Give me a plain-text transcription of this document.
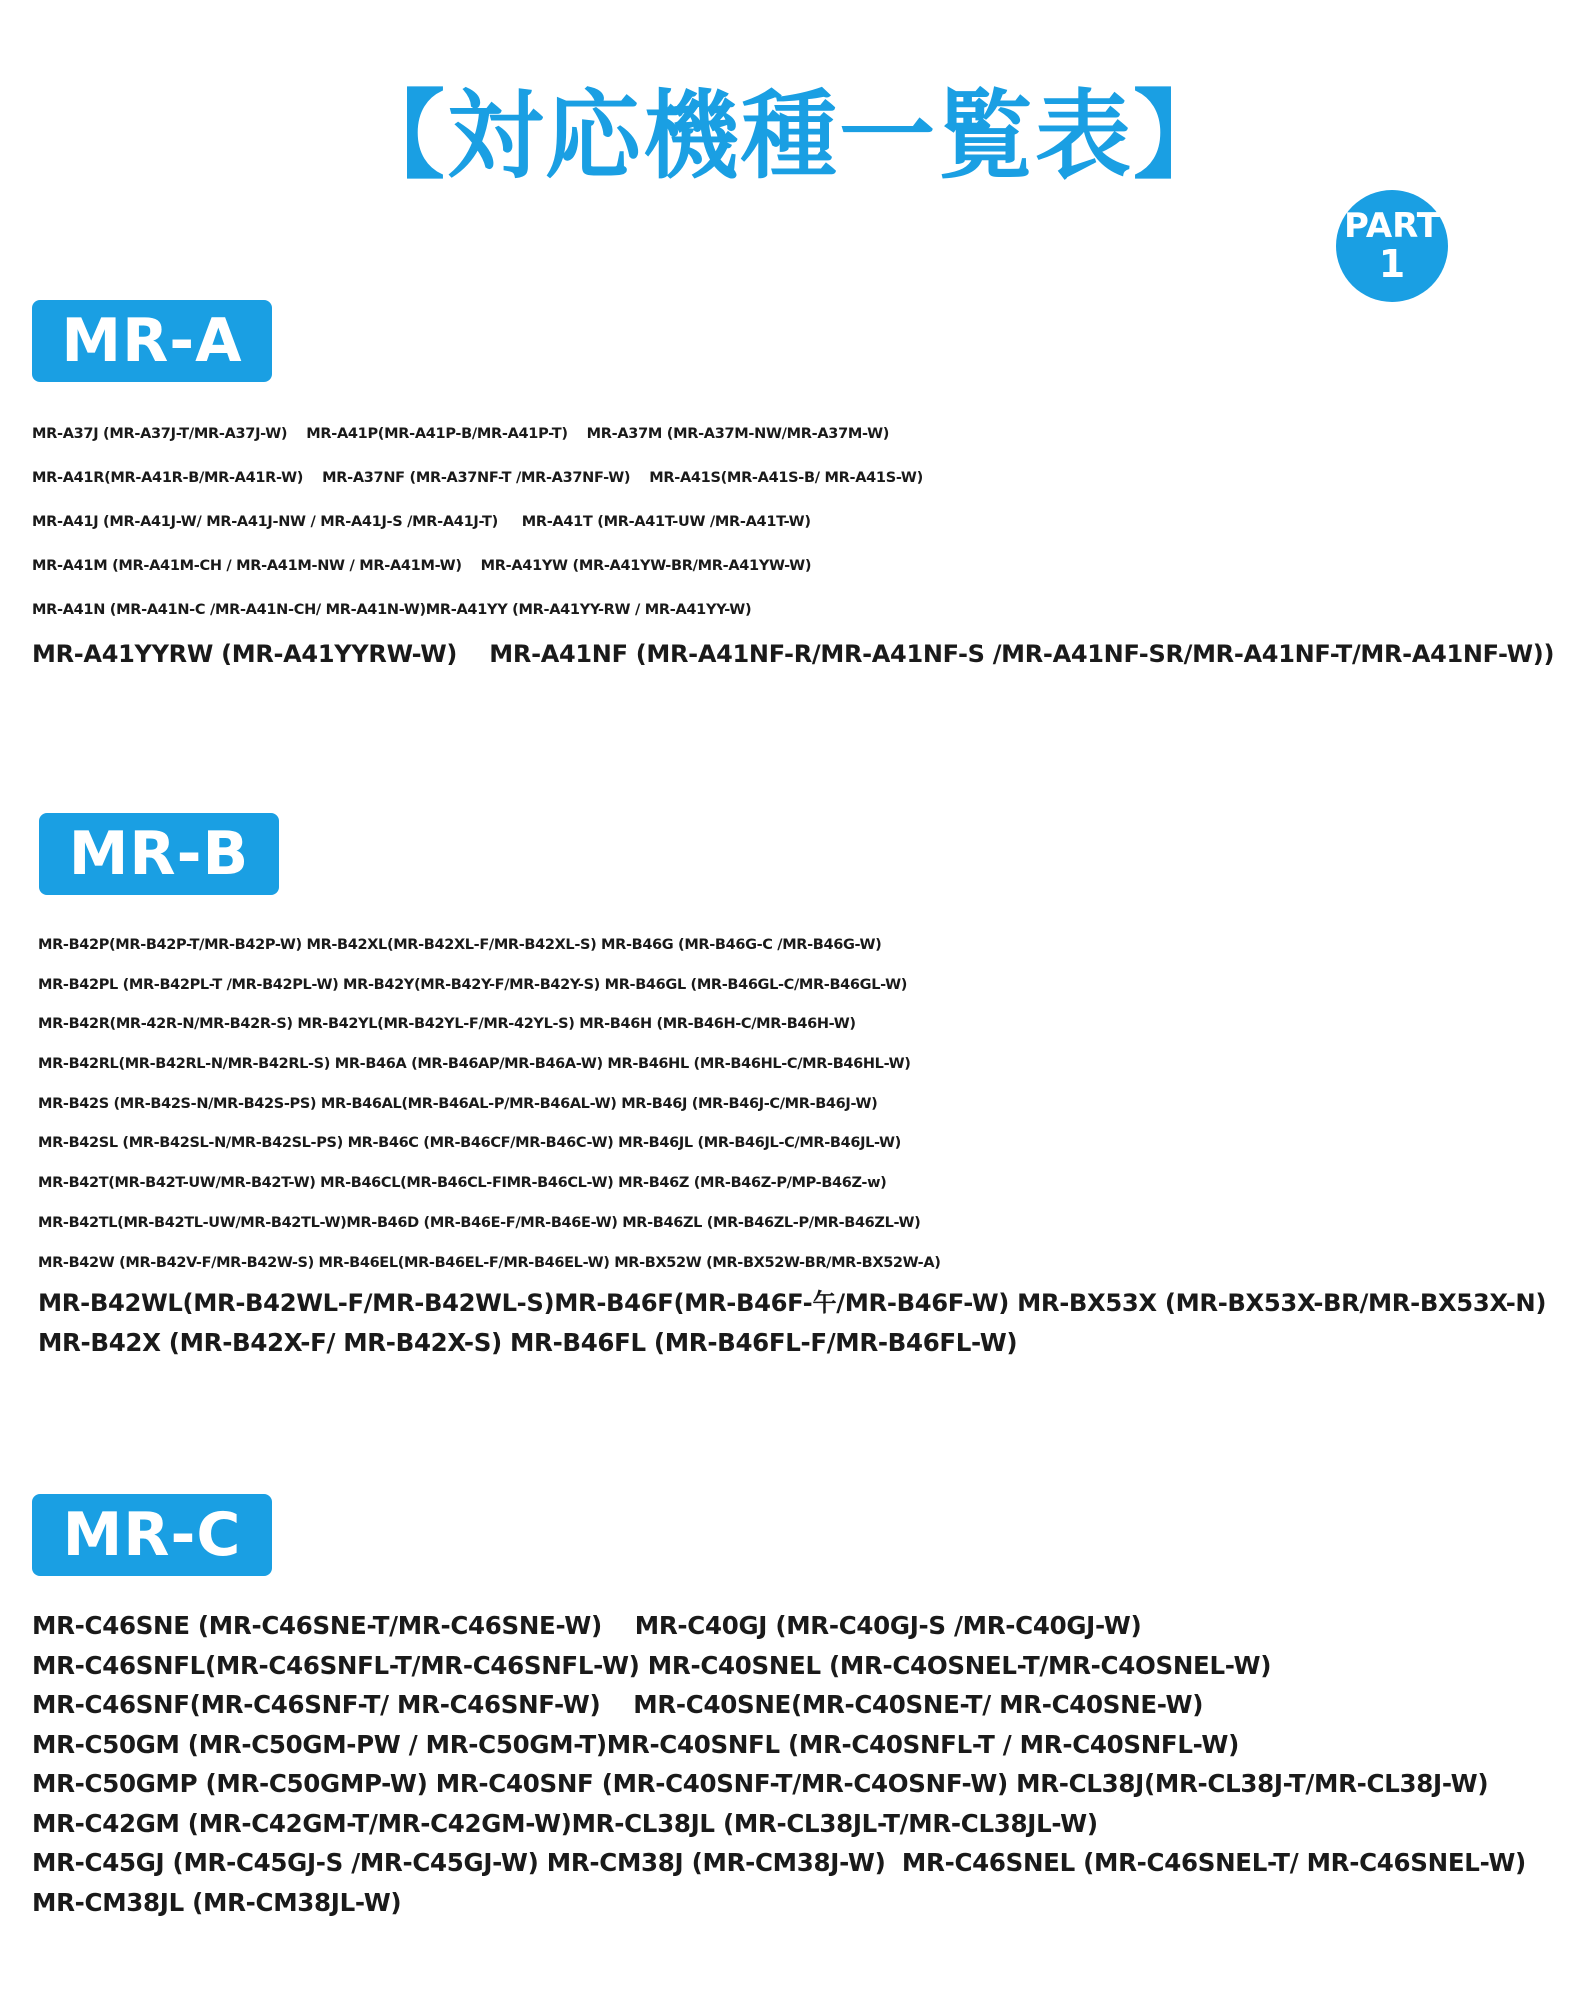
【対応機種一覧表】
PART
1
MR-A
MR-A37J (MR-A37J-T/MR-A37J-W)    MR-A41P(MR-A41P-B/MR-A41P-T)    MR-A37M (MR-A37M-NW/MR-A37M-W)
MR-A41R(MR-A41R-B/MR-A41R-W)    MR-A37NF (MR-A37NF-T /MR-A37NF-W)    MR-A41S(MR-A41S-B/ MR-A41S-W)
MR-A41J (MR-A41J-W/ MR-A41J-NW / MR-A41J-S /MR-A41J-T)     MR-A41T (MR-A41T-UW /MR-A41T-W)
MR-A41M (MR-A41M-CH / MR-A41M-NW / MR-A41M-W)    MR-A41YW (MR-A41YW-BR/MR-A41YW-W)
MR-A41N (MR-A41N-C /MR-A41N-CH/ MR-A41N-W)MR-A41YY (MR-A41YY-RW / MR-A41YY-W)
MR-A41YYRW (MR-A41YYRW-W)    MR-A41NF (MR-A41NF-R/MR-A41NF-S /MR-A41NF-SR/MR-A41NF-T/MR-A41NF-W))
MR-B
MR-B42P(MR-B42P-T/MR-B42P-W) MR-B42XL(MR-B42XL-F/MR-B42XL-S) MR-B46G (MR-B46G-C /MR-B46G-W)
MR-B42PL (MR-B42PL-T /MR-B42PL-W) MR-B42Y(MR-B42Y-F/MR-B42Y-S) MR-B46GL (MR-B46GL-C/MR-B46GL-W)
MR-B42R(MR-42R-N/MR-B42R-S) MR-B42YL(MR-B42YL-F/MR-42YL-S) MR-B46H (MR-B46H-C/MR-B46H-W)
MR-B42RL(MR-B42RL-N/MR-B42RL-S) MR-B46A (MR-B46AP/MR-B46A-W) MR-B46HL (MR-B46HL-C/MR-B46HL-W)
MR-B42S (MR-B42S-N/MR-B42S-PS) MR-B46AL(MR-B46AL-P/MR-B46AL-W) MR-B46J (MR-B46J-C/MR-B46J-W)
MR-B42SL (MR-B42SL-N/MR-B42SL-PS) MR-B46C (MR-B46CF/MR-B46C-W) MR-B46JL (MR-B46JL-C/MR-B46JL-W)
MR-B42T(MR-B42T-UW/MR-B42T-W) MR-B46CL(MR-B46CL-FIMR-B46CL-W) MR-B46Z (MR-B46Z-P/MP-B46Z-w)
MR-B42TL(MR-B42TL-UW/MR-B42TL-W)MR-B46D (MR-B46E-F/MR-B46E-W) MR-B46ZL (MR-B46ZL-P/MR-B46ZL-W)
MR-B42W (MR-B42V-F/MR-B42W-S) MR-B46EL(MR-B46EL-F/MR-B46EL-W) MR-BX52W (MR-BX52W-BR/MR-BX52W-A)
MR-B42WL(MR-B42WL-F/MR-B42WL-S)MR-B46F(MR-B46F-午/MR-B46F-W) MR-BX53X (MR-BX53X-BR/MR-BX53X-N)
MR-B42X (MR-B42X-F/ MR-B42X-S) MR-B46FL (MR-B46FL-F/MR-B46FL-W)
MR-C
MR-C46SNE (MR-C46SNE-T/MR-C46SNE-W)    MR-C40GJ (MR-C40GJ-S /MR-C40GJ-W)
MR-C46SNFL(MR-C46SNFL-T/MR-C46SNFL-W) MR-C40SNEL (MR-C4OSNEL-T/MR-C4OSNEL-W)
MR-C46SNF(MR-C46SNF-T/ MR-C46SNF-W)    MR-C40SNE(MR-C40SNE-T/ MR-C40SNE-W)
MR-C50GM (MR-C50GM-PW / MR-C50GM-T)MR-C40SNFL (MR-C40SNFL-T / MR-C40SNFL-W)
MR-C50GMP (MR-C50GMP-W) MR-C40SNF (MR-C40SNF-T/MR-C4OSNF-W) MR-CL38J(MR-CL38J-T/MR-CL38J-W)
MR-C42GM (MR-C42GM-T/MR-C42GM-W)MR-CL38JL (MR-CL38JL-T/MR-CL38JL-W)
MR-C45GJ (MR-C45GJ-S /MR-C45GJ-W) MR-CM38J (MR-CM38J-W)  MR-C46SNEL (MR-C46SNEL-T/ MR-C46SNEL-W)
MR-CM38JL (MR-CM38JL-W)
